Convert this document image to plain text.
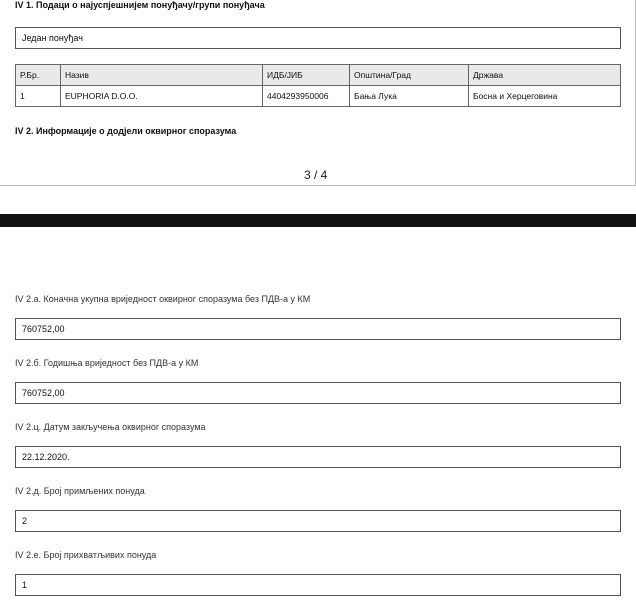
IV 1. Подаци о најуспјешнијем понуђачу/групи понуђача
Један понуђач
Р.Бр.	Назив	ИДБ/ЈИБ	Општина/Град	Држава
1	EUPHORIA D.O.O.	4404293950006	Бања Лука	Босна и Херцеговина
IV 2. Информације о додјели оквирног споразума
3 / 4
IV 2.а. Коначна укупна вриједност оквирног споразума без ПДВ-а у КМ
760752,00
IV 2.б. Годишња вриједност без ПДВ-а у КМ
760752,00
IV 2.ц. Датум закључења оквирног споразума
22.12.2020.
IV 2.д. Број примљених понуда
2
IV 2.е. Број прихватљивих понуда
1
